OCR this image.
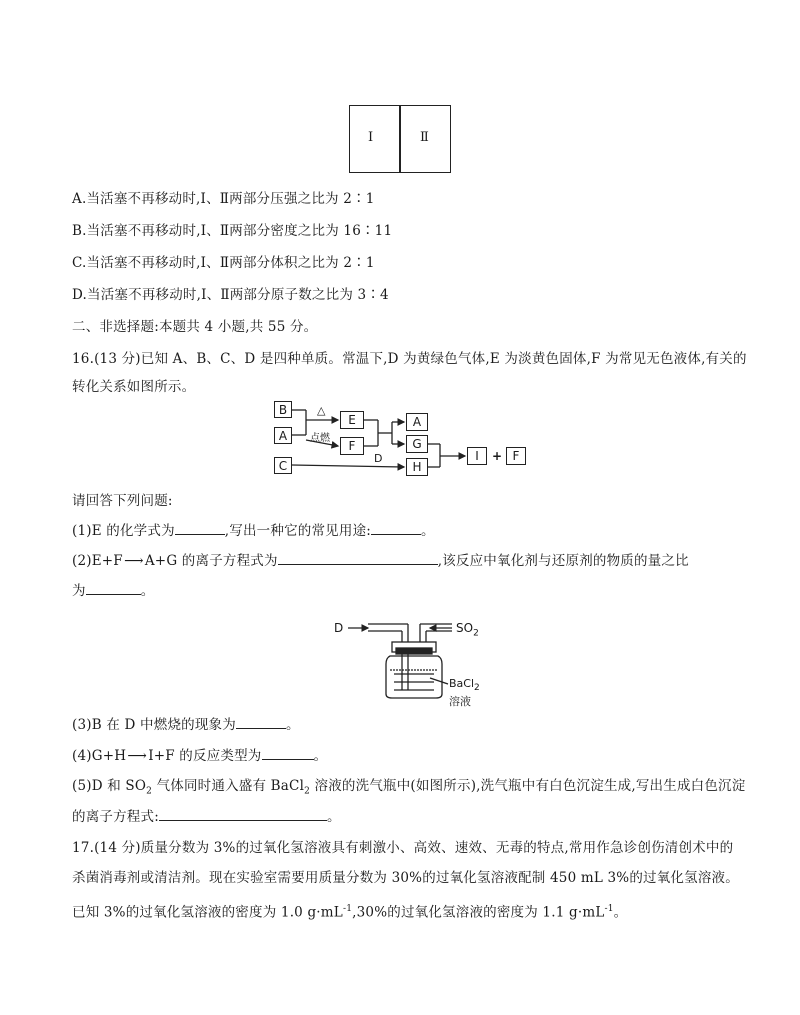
Ⅰ	Ⅱ
A.当活塞不再移动时,Ⅰ、Ⅱ两部分压强之比为 2∶1
B.当活塞不再移动时,Ⅰ、Ⅱ两部分密度之比为 16∶11
C.当活塞不再移动时,Ⅰ、Ⅱ两部分体积之比为 2∶1
D.当活塞不再移动时,Ⅰ、Ⅱ两部分原子数之比为 3∶4
二、非选择题:本题共 4 小题,共 55 分。
16.(13 分)已知 A、B、C、D 是四种单质。常温下,D 为黄绿色气体,E 为淡黄色固体,F 为常见无色液体,有关的
转化关系如图所示。
B
A
C
E
F
A
G
H
I	+ F
△
点燃
D
请回答下列问题:
(1)E 的化学式为	,写出一种它的常见用途:	。
(2)E+F⟶A+G 的离子方程式为	,该反应中氧化剂与还原剂的物质的量之比
为	。
D	$SO_2$
BaCl$_2$溶液
(3)B 在 D 中燃烧的现象为	。
(4)G+H⟶I+F 的反应类型为	。
(5)D 和 $SO_2$ 气体同时通入盛有 BaCl$_2$ 溶液的洗气瓶中(如图所示),洗气瓶中有白色沉淀生成,写出生成白色沉淀
的离子方程式:	。
17.(14 分)质量分数为 3%的过氧化氢溶液具有刺激小、高效、速效、无毒的特点,常用作急诊创伤清创术中的
杀菌消毒剂或清洁剂。现在实验室需要用质量分数为 30%的过氧化氢溶液配制 450 mL 3%的过氧化氢溶液。
已知 3%的过氧化氢溶液的密度为 1.0 $g\cdot mL^{-1},30\%$的过氧化氢溶液的密度为 1.1 $g\cdot mL^{-1}$。
